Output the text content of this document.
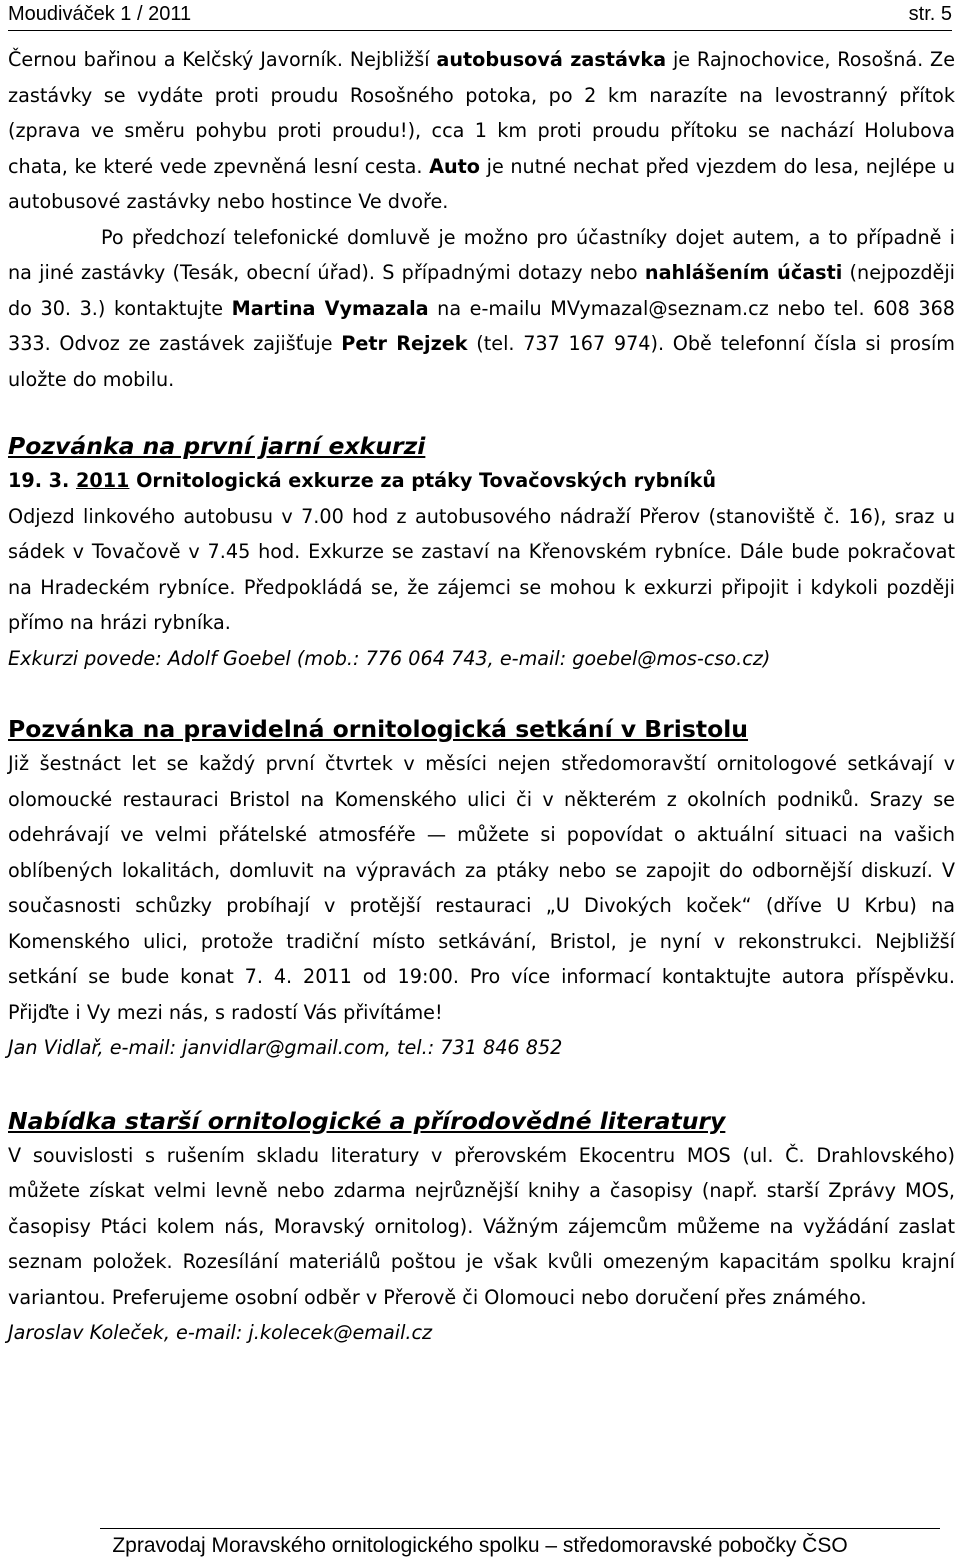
Moudiváček 1 / 2011	str. 5

Černou bařinou a Kelčský Javorník. Nejbližší autobusová zastávka je Rajnochovice, Rosošná. Ze zastávky se vydáte proti proudu Rosošného potoka, po 2 km narazíte na levostranný přítok (zprava ve směru pohybu proti proudu!), cca 1 km proti proudu přítoku se nachází Holubova chata, ke které vede zpevněná lesní cesta. Auto je nutné nechat před vjezdem do lesa, nejlépe u autobusové zastávky nebo hostince Ve dvoře.

Po předchozí telefonické domluvě je možno pro účastníky dojet autem, a to případně i na jiné zastávky (Tesák, obecní úřad). S případnými dotazy nebo nahlášením účasti (nejpozději do 30. 3.) kontaktujte Martina Vymazala na e-mailu MVymazal@seznam.cz nebo tel. 608 368 333. Odvoz ze zastávek zajišťuje Petr Rejzek (tel. 737 167 974). Obě telefonní čísla si prosím uložte do mobilu.

Pozvánka na první jarní exkurzi

19. 3. 2011 Ornitologická exkurze za ptáky Tovačovských rybníků

Odjezd linkového autobusu v 7.00 hod z autobusového nádraží Přerov (stanoviště č. 16), sraz u sádek v Tovačově v 7.45 hod. Exkurze se zastaví na Křenovském rybníce. Dále bude pokračovat na Hradeckém rybníce. Předpokládá se, že zájemci se mohou k exkurzi připojit i kdykoli později přímo na hrázi rybníka.

Exkurzi povede: Adolf Goebel (mob.: 776 064 743, e-mail: goebel@mos-cso.cz)

Pozvánka na pravidelná ornitologická setkání v Bristolu

Již šestnáct let se každý první čtvrtek v měsíci nejen středomoravští ornitologové setkávají v olomoucké restauraci Bristol na Komenského ulici či v některém z okolních podniků. Srazy se odehrávají ve velmi přátelské atmosféře — můžete si popovídat o aktuální situaci na vašich oblíbených lokalitách, domluvit na výpravách za ptáky nebo se zapojit do odbornější diskuzí. V současnosti schůzky probíhají v protější restauraci „U Divokých koček“ (dříve U Krbu) na Komenského ulici, protože tradiční místo setkávání, Bristol, je nyní v rekonstrukci. Nejbližší setkání se bude konat 7. 4. 2011 od 19:00. Pro více informací kontaktujte autora příspěvku. Přijďte i Vy mezi nás, s radostí Vás přivítáme!

Jan Vidlař, e-mail: janvidlar@gmail.com, tel.: 731 846 852

Nabídka starší ornitologické a přírodovědné literatury

V souvislosti s rušením skladu literatury v přerovském Ekocentru MOS (ul. Č. Drahlovského) můžete získat velmi levně nebo zdarma nejrůznější knihy a časopisy (např. starší Zprávy MOS, časopisy Ptáci kolem nás, Moravský ornitolog). Vážným zájemcům můžeme na vyžádání zaslat seznam položek. Rozesílání materiálů poštou je však kvůli omezeným kapacitám spolku krajní variantou. Preferujeme osobní odběr v Přerově či Olomouci nebo doručení přes známého.

Jaroslav Koleček, e-mail: j.kolecek@email.cz

Zpravodaj Moravského ornitologického spolku – středomoravské pobočky ČSO
